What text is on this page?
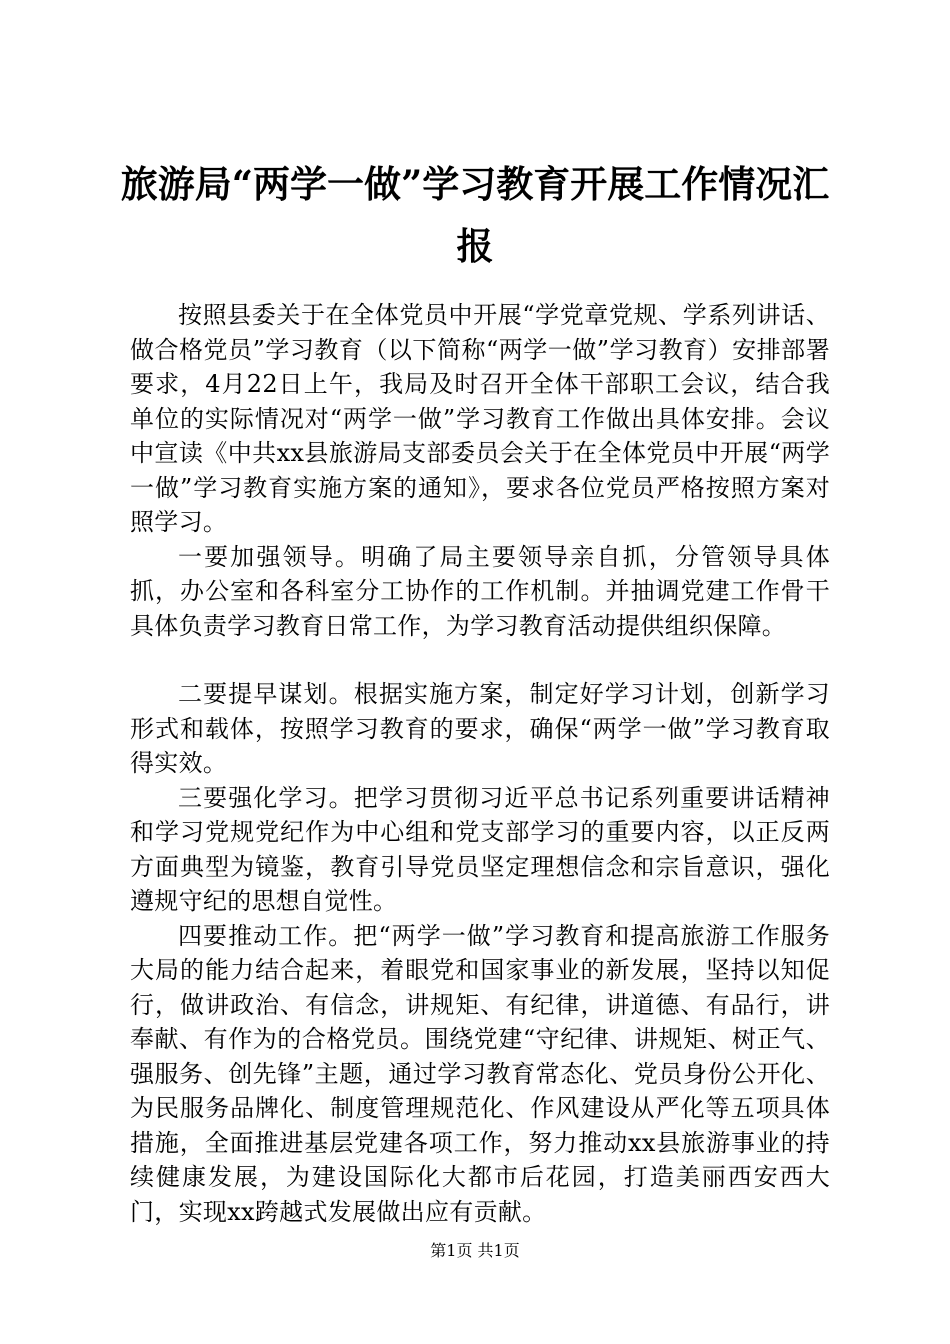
旅游局“两学一做”学习教育开展工作情况汇
报

按照县委关于在全体党员中开展“学党章党规、学系列讲话、做合格党员”学习教育（以下简称“两学一做”学习教育）安排部署要求，4月22日上午，我局及时召开全体干部职工会议，结合我单位的实际情况对“两学一做”学习教育工作做出具体安排。会议中宣读《中共xx县旅游局支部委员会关于在全体党员中开展“两学一做”学习教育实施方案的通知》，要求各位党员严格按照方案对照学习。

一要加强领导。明确了局主要领导亲自抓，分管领导具体抓，办公室和各科室分工协作的工作机制。并抽调党建工作骨干具体负责学习教育日常工作，为学习教育活动提供组织保障。

二要提早谋划。根据实施方案，制定好学习计划，创新学习形式和载体，按照学习教育的要求，确保“两学一做”学习教育取得实效。

三要强化学习。把学习贯彻习近平总书记系列重要讲话精神和学习党规党纪作为中心组和党支部学习的重要内容，以正反两方面典型为镜鉴，教育引导党员坚定理想信念和宗旨意识，强化遵规守纪的思想自觉性。

四要推动工作。把“两学一做”学习教育和提高旅游工作服务大局的能力结合起来，着眼党和国家事业的新发展，坚持以知促行，做讲政治、有信念，讲规矩、有纪律，讲道德、有品行，讲奉献、有作为的合格党员。围绕党建“守纪律、讲规矩、树正气、强服务、创先锋”主题，通过学习教育常态化、党员身份公开化、为民服务品牌化、制度管理规范化、作风建设从严化等五项具体措施，全面推进基层党建各项工作，努力推动xx县旅游事业的持续健康发展，为建设国际化大都市后花园，打造美丽西安西大门，实现xx跨越式发展做出应有贡献。

第1页 共1页
